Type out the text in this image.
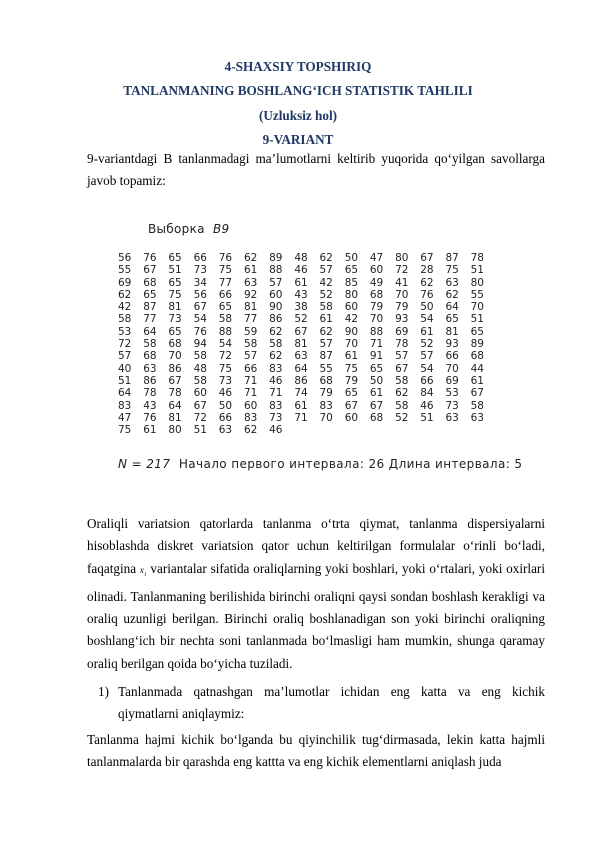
4-SHAXSIY TOPSHIRIQ
TANLANMANING BOSHLANG‘ICH STATISTIK TAHLILI
(Uzluksiz hol)
9-VARIANT
9-variantdagi B tanlanmadagi ma’lumotlarni keltirib yuqorida qo‘yilgan savollarga javob topamiz:
Выборка B9
56	76	65	66	76	62	89	48	62	50	47	80	67	87	78
55	67	51	73	75	61	88	46	57	65	60	72	28	75	51
69	68	65	34	77	63	57	61	42	85	49	41	62	63	80
62	65	75	56	66	92	60	43	52	80	68	70	76	62	55
42	87	81	67	65	81	90	38	58	60	79	79	50	64	70
58	77	73	54	58	77	86	52	61	42	70	93	54	65	51
53	64	65	76	88	59	62	67	62	90	88	69	61	81	65
72	58	68	94	54	58	58	81	57	70	71	78	52	93	89
57	68	70	58	72	57	62	63	87	61	91	57	57	66	68
40	63	86	48	75	66	83	64	55	75	65	67	54	70	44
51	86	67	58	73	71	46	86	68	79	50	58	66	69	61
64	78	78	60	46	71	71	74	79	65	61	62	84	53	67
83	43	64	67	50	60	83	61	83	67	67	58	46	73	58
47	76	81	72	66	83	73	71	70	60	68	52	51	63	63
75	61	80	51	63	62	46
N = 217 Начало первого интервала: 26 Длина интервала: 5
Oraliqli variatsion qatorlarda tanlanma o‘trta qiymat, tanlanma dispersiyalarni hisoblashda diskret variatsion qator uchun keltirilgan formulalar o‘rinli bo‘ladi, faqatgina $x_i$ variantalar sifatida oraliqlarning yoki boshlari, yoki o‘rtalari, yoki oxirlari olinadi. Tanlanmaning berilishida birinchi oraliqni qaysi sondan boshlash kerakligi va oraliq uzunligi berilgan. Birinchi oraliq boshlanadigan son yoki birinchi oraliqning boshlang‘ich bir nechta soni tanlanmada bo‘lmasligi ham mumkin, shunga qaramay oraliq berilgan qoida bo‘yicha tuziladi.
1) Tanlanmada qatnashgan ma’lumotlar ichidan eng katta va eng kichik qiymatlarni aniqlaymiz:
Tanlanma hajmi kichik bo‘lganda bu qiyinchilik tug‘dirmasada, lekin katta hajmli tanlanmalarda bir qarashda eng kattta va eng kichik elementlarni aniqlash juda
